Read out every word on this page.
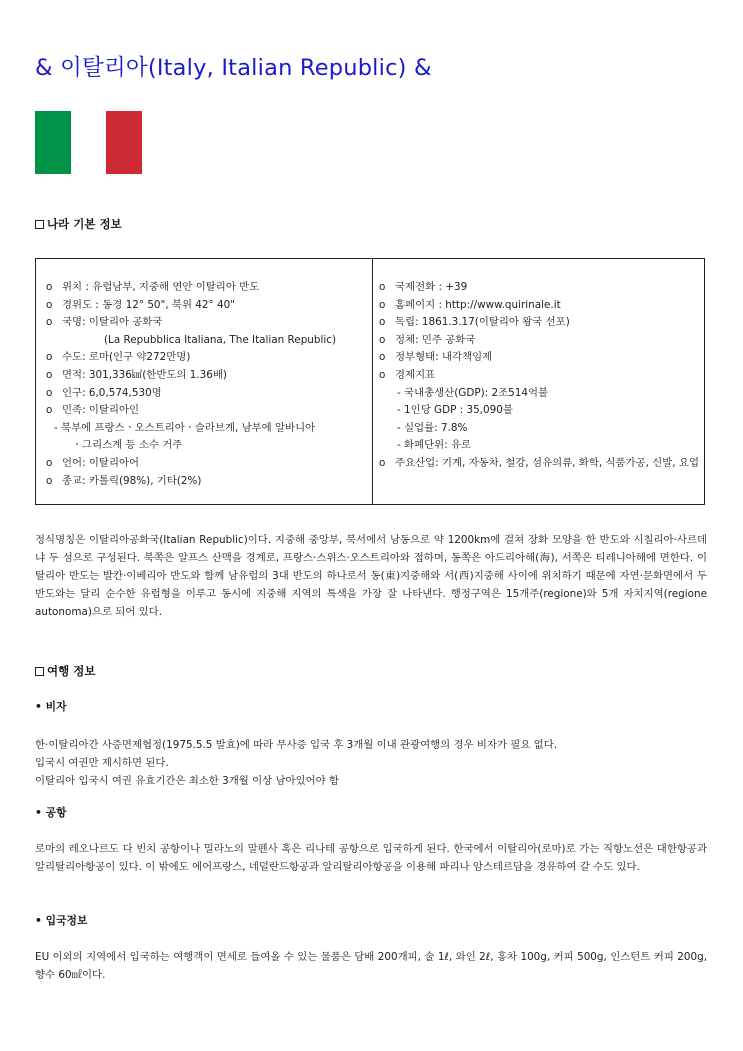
& 이탈리아(Italy, Italian Republic) &
나라 기본 정보
o 위치 : 유럽남부, 지중해 연안 이탈리아 반도
o 경위도 : 동경 12° 50", 북위 42° 40"
o 국명: 이탈리아 공화국
(La Repubblica Italiana, The Italian Republic)
o 수도: 로마(인구 약272만명)
o 면적: 301,336㎢(한반도의 1.36배)
o 인구: 6,0,574,530명
o 민족: 이탈리아인
- 북부에 프랑스ㆍ오스트리아ㆍ슬라브계, 남부에 알바니아
ㆍ그리스계 등 소수 거주
o 언어: 이탈리아어
o 종교: 카톨릭(98%), 기타(2%)
o 국제전화 : +39
o 홈페이지 : http://www.quirinale.it
o 독립: 1861.3.17(이탈리아 왕국 선포)
o 정체: 민주 공화국
o 정부형태: 내각책임제
o 경제지표
- 국내총생산(GDP): 2조514억불
- 1인당 GDP : 35,090불
- 실업률: 7.8%
- 화폐단위: 유로
o 주요산업: 기계, 자동차, 철강, 섬유의류, 화학, 식품가공, 신발, 요업
정식명칭은 이탈리아공화국(Italian Republic)이다. 지중해 중앙부, 북서에서 남동으로 약 1200km에 걸쳐 장화 모양을 한 반도와 시칠리아·사르데냐 두 섬으로 구성된다. 북쪽은 알프스 산맥을 경계로, 프랑스·스위스·오스트리아와 접하며, 동쪽은 아드리아해(海), 서쪽은 티레니아해에 면한다. 이탈리아 반도는 발칸·이베리아 반도와 함께 남유럽의 3대 반도의 하나로서 동(東)지중해와 서(西)지중해 사이에 위치하기 때문에 자연·문화면에서 두 반도와는 달리 순수한 유럽형을 이루고 동시에 지중해 지역의 특색을 가장 잘 나타낸다. 행정구역은 15개주(regione)와 5개 자치지역(regione autonoma)으로 되어 있다.
여행 정보
• 비자
한·이탈리아간 사증면제협정(1975.5.5 발효)에 따라 무사증 입국 후 3개월 이내 관광여행의 경우 비자가 필요 없다.
입국시 여권만 제시하면 된다.
이탈리아 입국시 여권 유효기간은 최소한 3개월 이상 남아있어야 함
• 공항
로마의 레오나르도 다 빈치 공항이나 밀라노의 말펜사 혹은 리나테 공항으로 입국하게 된다. 한국에서 이탈리아(로마)로 가는 직항노선은 대한항공과 알리탈리아항공이 있다. 이 밖에도 에어프랑스, 네덜란드항공과 알리탈리아항공을 이용해 파리나 암스테르담을 경유하여 갈 수도 있다.
• 입국정보
EU 이외의 지역에서 입국하는 여행객이 면세로 들여올 수 있는 물품은 담배 200개피, 술 1ℓ, 와인 2ℓ, 홍차 100g, 커피 500g, 인스턴트 커피 200g, 향수 60㎖이다.
